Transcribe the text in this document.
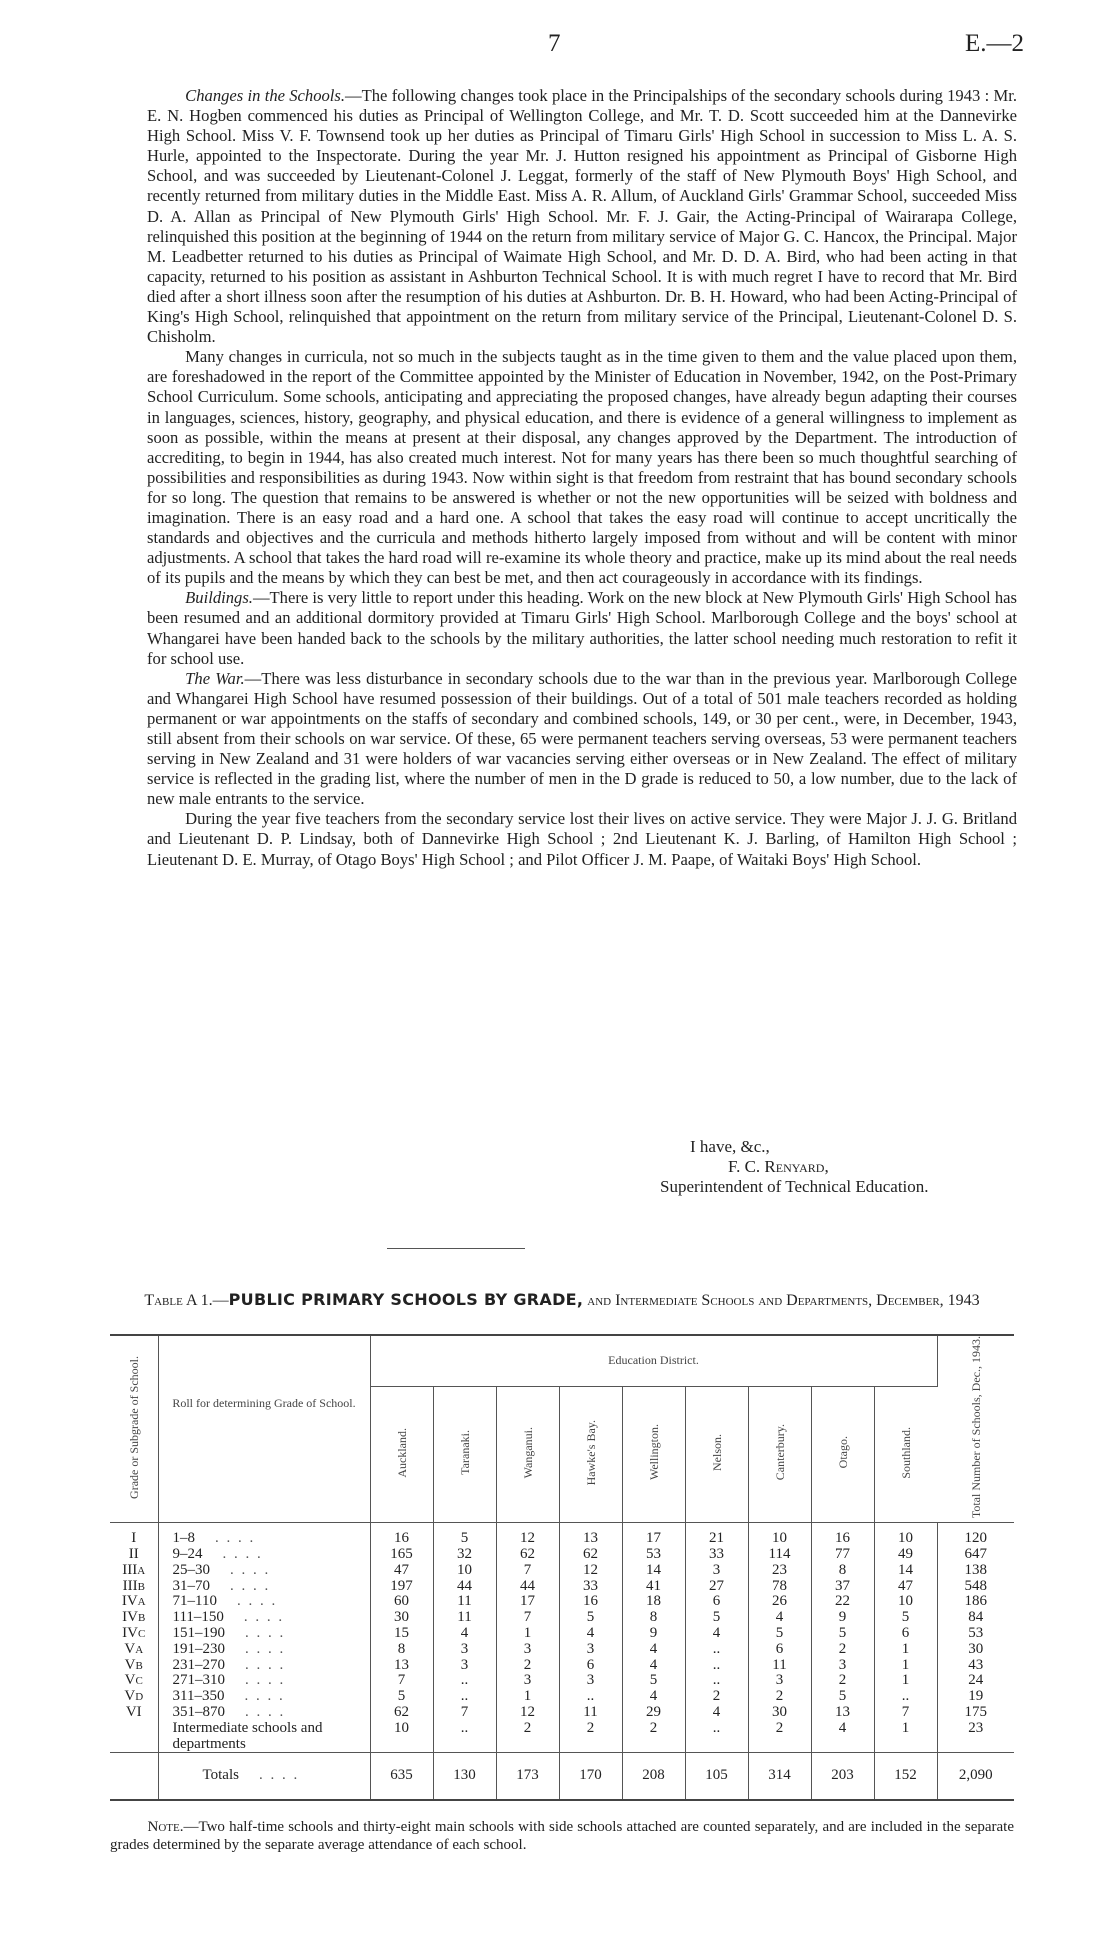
7	E.—2

Changes in the Schools.—The following changes took place in the Principalships of the secondary schools during 1943 : Mr. E. N. Hogben commenced his duties as Principal of Wellington College, and Mr. T. D. Scott succeeded him at the Dannevirke High School. Miss V. F. Townsend took up her duties as Principal of Timaru Girls' High School in succession to Miss L. A. S. Hurle, appointed to the Inspectorate. During the year Mr. J. Hutton resigned his appointment as Principal of Gisborne High School, and was succeeded by Lieutenant-Colonel J. Leggat, formerly of the staff of New Plymouth Boys' High School, and recently returned from military duties in the Middle East. Miss A. R. Allum, of Auckland Girls' Grammar School, succeeded Miss D. A. Allan as Principal of New Plymouth Girls' High School. Mr. F. J. Gair, the Acting-Principal of Wairarapa College, relinquished this position at the beginning of 1944 on the return from military service of Major G. C. Hancox, the Principal. Major M. Leadbetter returned to his duties as Principal of Waimate High School, and Mr. D. D. A. Bird, who had been acting in that capacity, returned to his position as assistant in Ashburton Technical School. It is with much regret I have to record that Mr. Bird died after a short illness soon after the resumption of his duties at Ashburton. Dr. B. H. Howard, who had been Acting-Principal of King's High School, relinquished that appointment on the return from military service of the Principal, Lieutenant-Colonel D. S. Chisholm.

Many changes in curricula, not so much in the subjects taught as in the time given to them and the value placed upon them, are foreshadowed in the report of the Committee appointed by the Minister of Education in November, 1942, on the Post-Primary School Curriculum. Some schools, anticipating and appreciating the proposed changes, have already begun adapting their courses in languages, sciences, history, geography, and physical education, and there is evidence of a general willingness to implement as soon as possible, within the means at present at their disposal, any changes approved by the Department. The introduction of accrediting, to begin in 1944, has also created much interest. Not for many years has there been so much thoughtful searching of possibilities and responsibilities as during 1943. Now within sight is that freedom from restraint that has bound secondary schools for so long. The question that remains to be answered is whether or not the new opportunities will be seized with boldness and imagination. There is an easy road and a hard one. A school that takes the easy road will continue to accept uncritically the standards and objectives and the curricula and methods hitherto largely imposed from without and will be content with minor adjustments. A school that takes the hard road will re-examine its whole theory and practice, make up its mind about the real needs of its pupils and the means by which they can best be met, and then act courageously in accordance with its findings.

Buildings.—There is very little to report under this heading. Work on the new block at New Plymouth Girls' High School has been resumed and an additional dormitory provided at Timaru Girls' High School. Marlborough College and the boys' school at Whangarei have been handed back to the schools by the military authorities, the latter school needing much restoration to refit it for school use.

The War.—There was less disturbance in secondary schools due to the war than in the previous year. Marlborough College and Whangarei High School have resumed possession of their buildings. Out of a total of 501 male teachers recorded as holding permanent or war appointments on the staffs of secondary and combined schools, 149, or 30 per cent., were, in December, 1943, still absent from their schools on war service. Of these, 65 were permanent teachers serving overseas, 53 were permanent teachers serving in New Zealand and 31 were holders of war vacancies serving either overseas or in New Zealand. The effect of military service is reflected in the grading list, where the number of men in the D grade is reduced to 50, a low number, due to the lack of new male entrants to the service.

During the year five teachers from the secondary service lost their lives on active service. They were Major J. J. G. Britland and Lieutenant D. P. Lindsay, both of Dannevirke High School ; 2nd Lieutenant K. J. Barling, of Hamilton High School ; Lieutenant D. E. Murray, of Otago Boys' High School ; and Pilot Officer J. M. Paape, of Waitaki Boys' High School.

I have, &c.,
F. C. Renyard,
Superintendent of Technical Education.
Table A 1.—PUBLIC PRIMARY SCHOOLS BY GRADE, and Intermediate Schools and Departments, December, 1943
Grade or Subgrade of School.	Roll for determining Grade of School.	Education District.									Total Number of Schools, Dec., 1943.
		Auckland.	Taranaki.	Wanganui.	Hawke's Bay.	Wellington.	Nelson.	Canterbury.	Otago.	Southland.	

I	1–8 . . . .	16	5	12	13	17	21	10	16	10	120
II	9–24 . . . .	165	32	62	62	53	33	114	77	49	647
IIIa	25–30 . . . .	47	10	7	12	14	3	23	8	14	138
IIIb	31–70 . . . .	197	44	44	33	41	27	78	37	47	548
IVa	71–110 . . . .	60	11	17	16	18	6	26	22	10	186
IVb	111–150 . . . .	30	11	7	5	8	5	4	9	5	84
IVc	151–190 . . . .	15	4	1	4	9	4	5	5	6	53
Va	191–230 . . . .	8	3	3	3	4	..	6	2	1	30
Vb	231–270 . . . .	13	3	2	6	4	..	11	3	1	43
Vc	271–310 . . . .	7	..	3	3	5	..	3	2	1	24
Vd	311–350 . . . .	5	..	1	..	4	2	2	5	..	19
VI	351–870 . . . .	62	7	12	11	29	4	30	13	7	175
	Intermediate schools and departments	10	..	2	2	2	..	2	4	1	23
	Totals . . . .	635	130	173	170	208	105	314	203	152	2,090
Note.—Two half-time schools and thirty-eight main schools with side schools attached are counted separately, and are included in the separate grades determined by the separate average attendance of each school.
